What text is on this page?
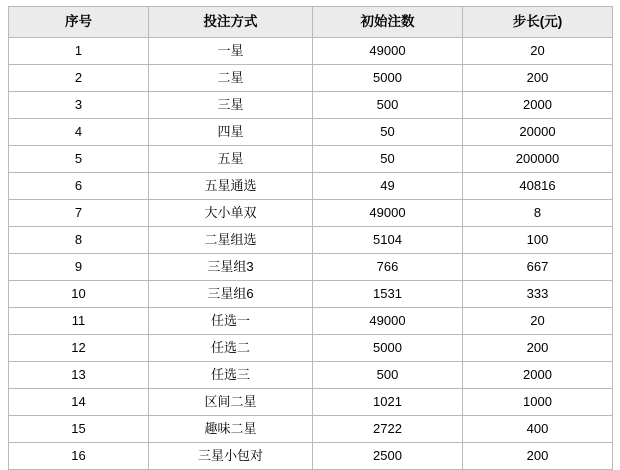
序号	投注方式	初始注数	步长(元)
1	一星	49000	20
2	二星	5000	200
3	三星	500	2000
4	四星	50	20000
5	五星	50	200000
6	五星通选	49	40816
7	大小单双	49000	8
8	二星组选	5104	100
9	三星组3	766	667
10	三星组6	1531	333
11	任选一	49000	20
12	任选二	5000	200
13	任选三	500	2000
14	区间二星	1021	1000
15	趣味二星	2722	400
16	三星小包对	2500	200
